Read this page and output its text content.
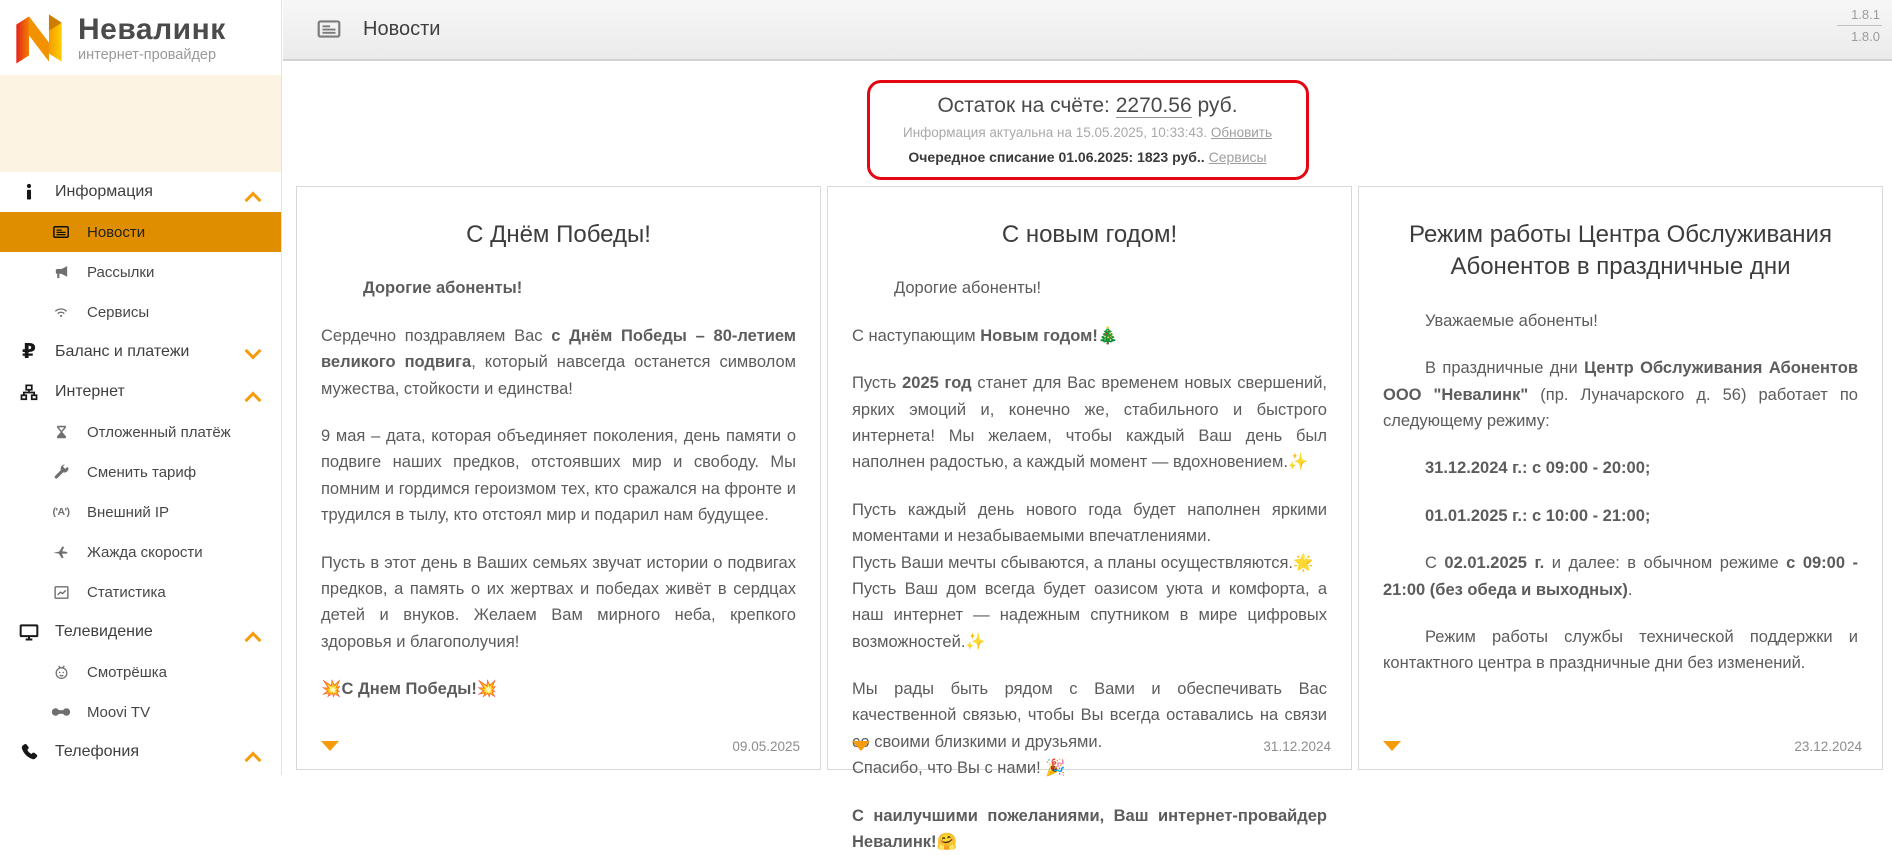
Невалинк
интернет-провайдер
Информация
Новости
Рассылки
Сервисы
₽	Баланс и платежи
Интернет
Отложенный платёж
Сменить тариф
('A') Внешний IP
Жажда скорости
Статистика
Телевидение
Смотрёшка
Moovi TV
Телефония
Новости
1.8.1
1.8.0
Остаток на счёте: 2270.56 руб.
Информация актуальна на 15.05.2025, 10:33:43. Обновить
Очередное списание 01.06.2025: 1823 руб.. Сервисы
С Днём Победы!

Дорогие абоненты!

Сердечно поздравляем Вас с Днём Победы – 80-летием великого подвига, который навсегда останется символом мужества, стойкости и единства!

9 мая – дата, которая объединяет поколения, день памяти о подвиге наших предков, отстоявших мир и свободу. Мы помним и гордимся героизмом тех, кто сражался на фронте и трудился в тылу, кто отстоял мир и подарил нам будущее.

Пусть в этот день в Ваших семьях звучат истории о подвигах предков, а память о их жертвах и победах живёт в сердцах детей и внуков. Желаем Вам мирного неба, крепкого здоровья и благополучия!

💥С Днем Победы!💥

09.05.2025
С новым годом!

Дорогие абоненты!

С наступающим Новым годом!🎄

Пусть 2025 год станет для Вас временем новых свершений, ярких эмоций и, конечно же, стабильного и быстрого интернета! Мы желаем, чтобы каждый Ваш день был наполнен радостью, а каждый момент — вдохновением.✨

Пусть каждый день нового года будет наполнен яркими моментами и незабываемыми впечатлениями.
Пусть Ваши мечты сбываются, а планы осуществляются.🌟
Пусть Ваш дом всегда будет оазисом уюта и комфорта, а наш интернет — надежным спутником в мире цифровых возможностей.✨

Мы рады быть рядом с Вами и обеспечивать Вас качественной связью, чтобы Вы всегда оставались на связи со своими близкими и друзьями.
Спасибо, что Вы с нами! 🎉

С наилучшими пожеланиями, Ваш интернет-провайдер Невалинк!🤗

31.12.2024
Режим работы Центра Обслуживания Абонентов в праздничные дни

Уважаемые абоненты!

В праздничные дни Центр Обслуживания Абонентов ООО "Невалинк" (пр. Луначарского д. 56) работает по следующему режиму:

31.12.2024 г.: с 09:00 - 20:00;

01.01.2025 г.: с 10:00 - 21:00;

С 02.01.2025 г. и далее: в обычном режиме с 09:00 - 21:00 (без обеда и выходных).

Режим работы службы технической поддержки и контактного центра в праздничные дни без изменений.

23.12.2024
